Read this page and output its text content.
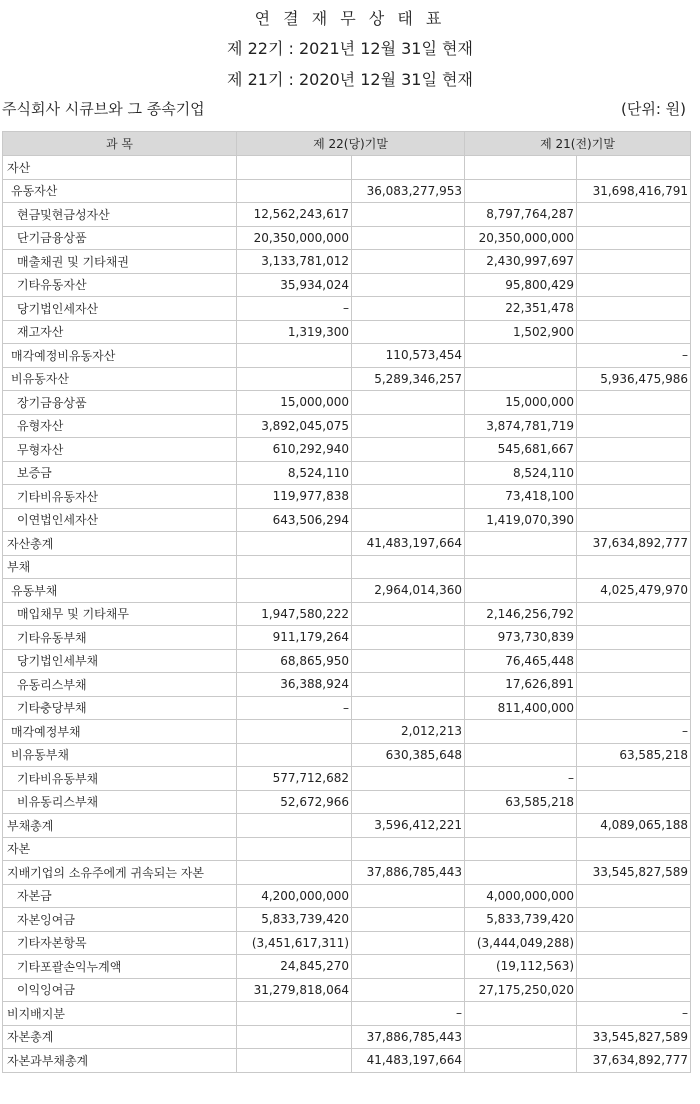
연 결 재 무 상 태 표
제 22기 : 2021년 12월 31일 현재
제 21기 : 2020년 12월 31일 현재
주식회사 시큐브와 그 종속기업	(단위: 원)
과 목	제 22(당)기말		제 21(전)기말	
자산				
유동자산		36,083,277,953		31,698,416,791
현금및현금성자산	12,562,243,617		8,797,764,287	
단기금융상품	20,350,000,000		20,350,000,000	
매출채권 및 기타채권	3,133,781,012		2,430,997,697	
기타유동자산	35,934,024		95,800,429	
당기법인세자산	–		22,351,478	
재고자산	1,319,300		1,502,900	
매각예정비유동자산		110,573,454		–
비유동자산		5,289,346,257		5,936,475,986
장기금융상품	15,000,000		15,000,000	
유형자산	3,892,045,075		3,874,781,719	
무형자산	610,292,940		545,681,667	
보증금	8,524,110		8,524,110	
기타비유동자산	119,977,838		73,418,100	
이연법인세자산	643,506,294		1,419,070,390	
자산총계		41,483,197,664		37,634,892,777
부채				
유동부채		2,964,014,360		4,025,479,970
매입채무 및 기타채무	1,947,580,222		2,146,256,792	
기타유동부채	911,179,264		973,730,839	
당기법인세부채	68,865,950		76,465,448	
유동리스부채	36,388,924		17,626,891	
기타충당부채	–		811,400,000	
매각예정부채		2,012,213		–
비유동부채		630,385,648		63,585,218
기타비유동부채	577,712,682		–	
비유동리스부채	52,672,966		63,585,218	
부채총계		3,596,412,221		4,089,065,188
자본				
지배기업의 소유주에게 귀속되는 자본		37,886,785,443		33,545,827,589
자본금	4,200,000,000		4,000,000,000	
자본잉여금	5,833,739,420		5,833,739,420	
기타자본항목	(3,451,617,311)		(3,444,049,288)	
기타포괄손익누계액	24,845,270		(19,112,563)	
이익잉여금	31,279,818,064		27,175,250,020	
비지배지분		–		–
자본총계		37,886,785,443		33,545,827,589
자본과부채총계		41,483,197,664		37,634,892,777
